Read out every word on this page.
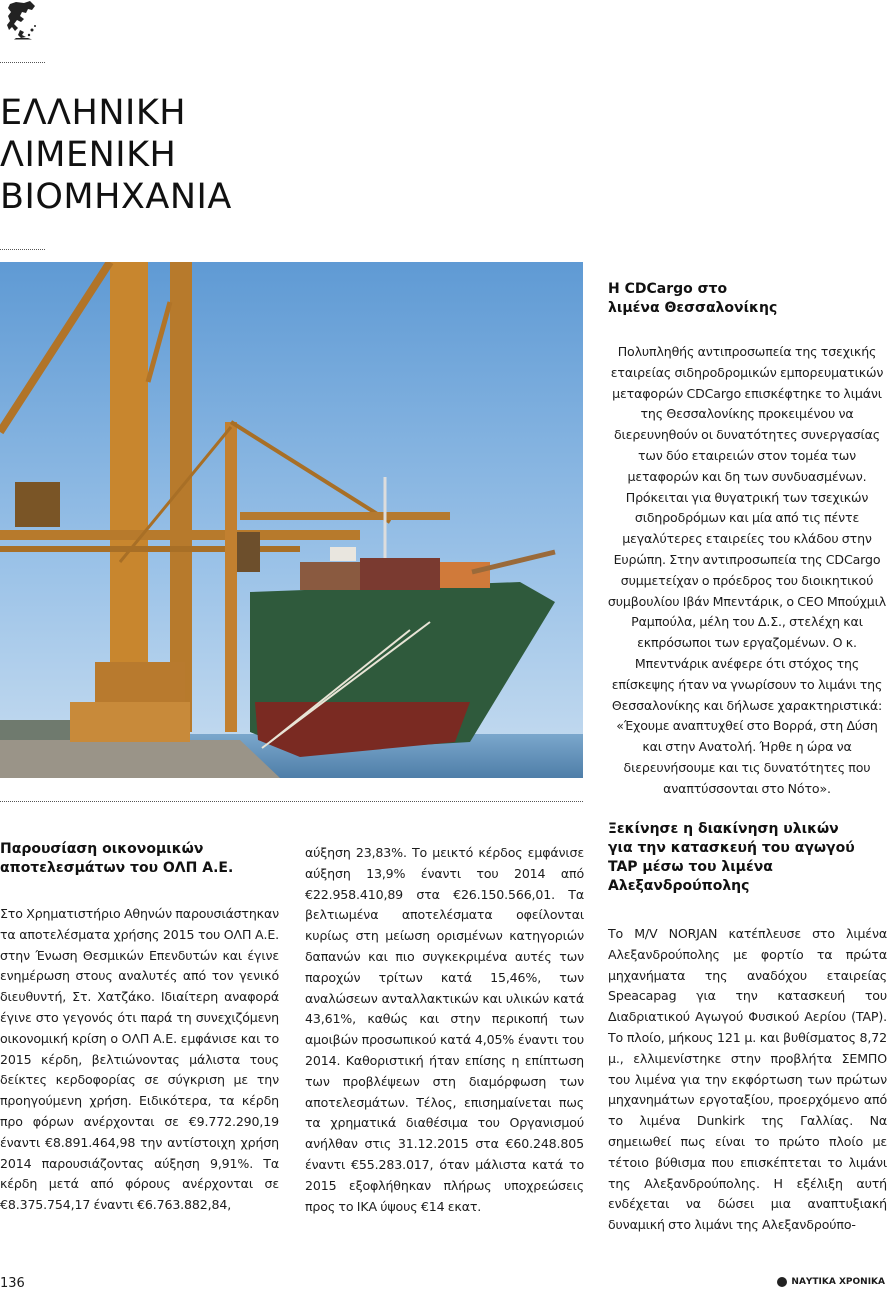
ΕΛΛΗΝΙΚΗ
ΛΙΜΕΝΙΚΗ
ΒΙΟΜΗΧΑΝΙΑ
Η CDCargo στο λιμένα Θεσσαλονίκης

Πολυπληθής αντιπροσωπεία της τσεχικής εταιρείας σιδηροδρομικών εμπορευματικών μεταφορών CDCargo επισκέφτηκε το λιμάνι της Θεσσαλονίκης προκειμένου να διερευνηθούν οι δυνατότητες συνεργασίας των δύο εταιρειών στον τομέα των μεταφορών και δη των συνδυασμένων. Πρόκειται για θυγατρική των τσεχικών σιδηροδρόμων και μία από τις πέντε μεγαλύτερες εταιρείες του κλάδου στην Ευρώπη. Στην αντιπροσωπεία της CDCargo συμμετείχαν ο πρόεδρος του διοικητικού συμβουλίου Ιβάν Μπεντάρικ, ο CEO Μπούχμιλ Ραμπούλα, μέλη του Δ.Σ., στελέχη και εκπρόσωποι των εργαζομένων. Ο κ. Μπεντνάρικ ανέφερε ότι στόχος της επίσκεψης ήταν να γνωρίσουν το λιμάνι της Θεσσαλονίκης και δήλωσε χαρακτηριστικά: «Έχουμε αναπτυχθεί στο Βορρά, στη Δύση και στην Ανατολή. Ήρθε η ώρα να διερευνήσουμε και τις δυνατότητες που αναπτύσσονται στο Νότο».

Παρουσίαση οικονομικών αποτελεσμάτων του ΟΛΠ Α.Ε.

Στο Χρηματιστήριο Αθηνών παρουσιάστηκαν τα αποτελέσματα χρήσης 2015 του ΟΛΠ Α.Ε. στην Ένωση Θεσμικών Επενδυτών και έγινε ενημέρωση στους αναλυτές από τον γενικό διευθυντή, Στ. Χατζάκο. Ιδιαίτερη αναφορά έγινε στο γεγονός ότι παρά τη συνεχιζόμενη οικονομική κρίση ο ΟΛΠ Α.Ε. εμφάνισε και το 2015 κέρδη, βελτιώνοντας μάλιστα τους δείκτες κερδοφορίας σε σύγκριση με την προηγούμενη χρήση. Ειδικότερα, τα κέρδη προ φόρων ανέρχονται σε €9.772.290,19 έναντι €8.891.464,98 την αντίστοιχη χρήση 2014 παρουσιάζοντας αύξηση 9,91%. Τα κέρδη μετά από φόρους ανέρχονται σε €8.375.754,17 έναντι €6.763.882,84,

αύξηση 23,83%. Το μεικτό κέρδος εμφάνισε αύξηση 13,9% έναντι του 2014 από €22.958.410,89 στα €26.150.566,01. Τα βελτιωμένα αποτελέσματα οφείλονται κυρίως στη μείωση ορισμένων κατηγοριών δαπανών και πιο συγκεκριμένα αυτές των παροχών τρίτων κατά 15,46%, των αναλώσεων ανταλλακτικών και υλικών κατά 43,61%, καθώς και στην περικοπή των αμοιβών προσωπικού κατά 4,05% έναντι του 2014. Καθοριστική ήταν επίσης η επίπτωση των προβλέψεων στη διαμόρφωση των αποτελεσμάτων. Τέλος, επισημαίνεται πως τα χρηματικά διαθέσιμα του Οργανισμού ανήλθαν στις 31.12.2015 στα €60.248.805 έναντι €55.283.017, όταν μάλιστα κατά το 2015 εξοφλήθηκαν πλήρως υποχρεώσεις προς το ΙΚΑ ύψους €14 εκατ.

Ξεκίνησε η διακίνηση υλικών για την κατασκευή του αγωγού TAP μέσω του λιμένα Αλεξανδρούπολης

Το M/V NORJAN κατέπλευσε στο λιμένα Αλεξανδρούπολης με φορτίο τα πρώτα μηχανήματα της αναδόχου εταιρείας Speacapag για την κατασκευή του Διαδριατικού Αγωγού Φυσικού Αερίου (TAP). Το πλοίο, μήκους 121 μ. και βυθίσματος 8,72 μ., ελλιμενίστηκε στην προβλήτα ΣΕΜΠΟ του λιμένα για την εκφόρτωση των πρώτων μηχανημάτων εργοταξίου, προερχόμενο από το λιμένα Dunkirk της Γαλλίας. Να σημειωθεί πως είναι το πρώτο πλοίο με τέτοιο βύθισμα που επισκέπτεται το λιμάνι της Αλεξανδρούπολης. Η εξέλιξη αυτή ενδέχεται να δώσει μια αναπτυξιακή δυναμική στο λιμάνι της Αλεξανδρούπο-

136	ΝΑΥΤΙΚΑ ΧΡΟΝΙΚΑ
